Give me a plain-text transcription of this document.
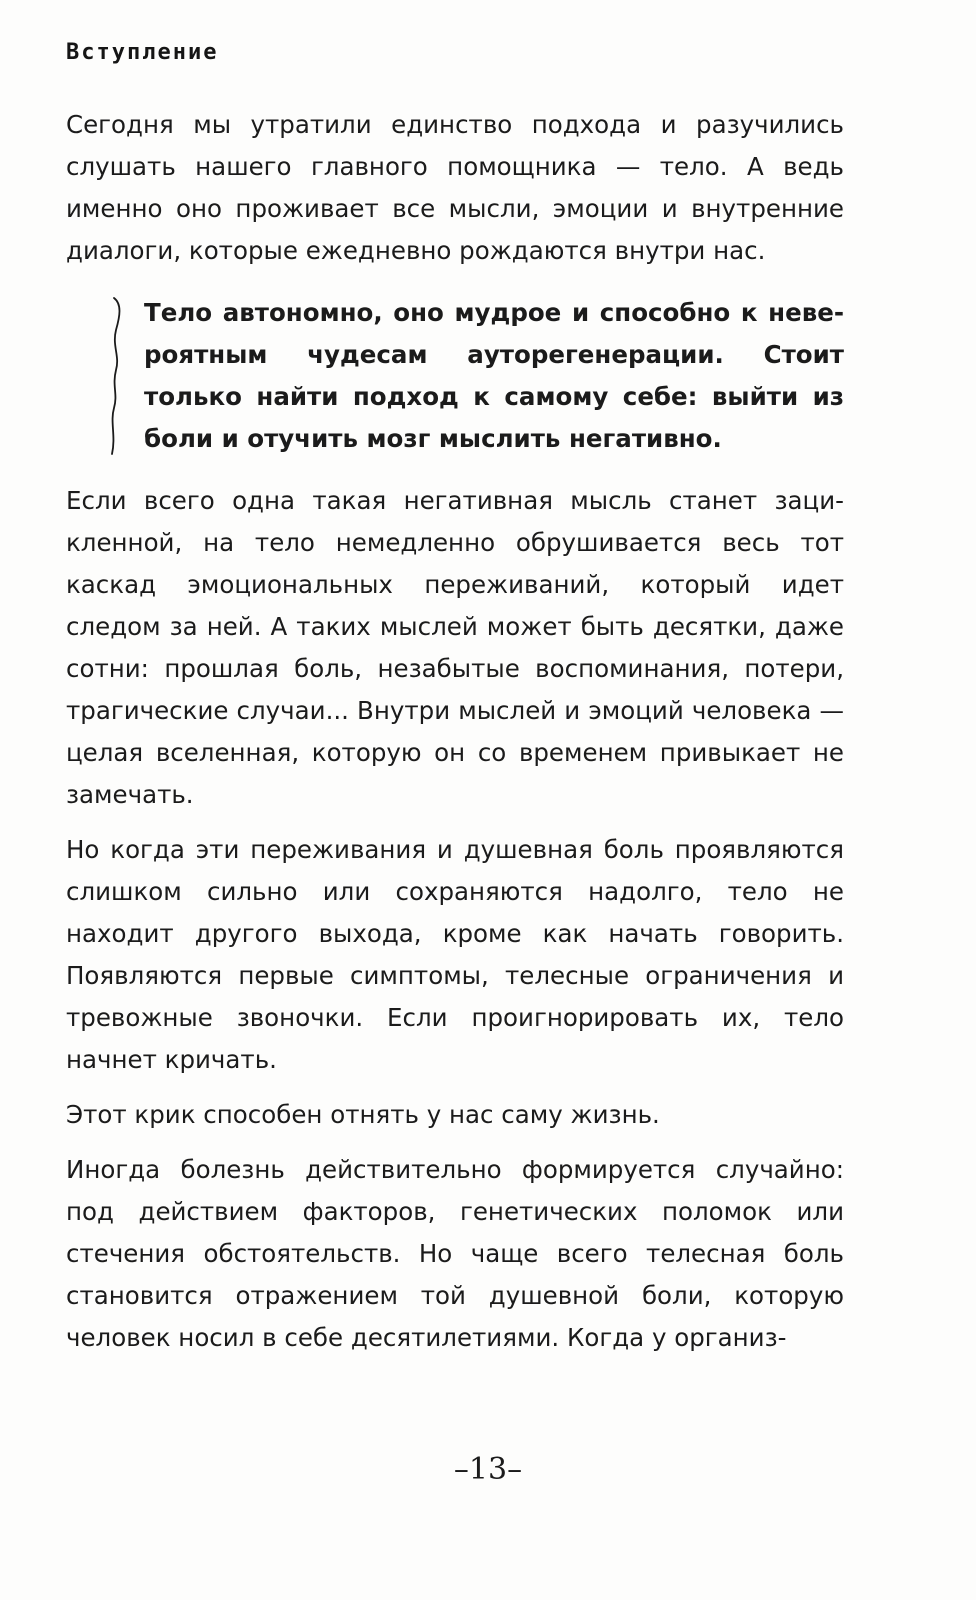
Вступление

Сегодня мы утратили единство подхода и разучились слушать нашего главного помощника — тело. А ведь именно оно проживает все мысли, эмоции и внутренние диалоги, которые ежедневно рождаются внутри нас.

Тело автономно, оно мудрое и способно к невероятным чудесам ауторегенерации. Стоит только найти подход к самому себе: выйти из боли и отучить мозг мыслить негативно.

Если всего одна такая негативная мысль станет зацикленной, на тело немедленно обрушивается весь тот каскад эмоциональных переживаний, который идет следом за ней. А таких мыслей может быть десятки, даже сотни: прошлая боль, незабытые воспоминания, потери, трагические случаи... Внутри мыслей и эмоций человека — целая вселенная, которую он со временем привыкает не замечать.

Но когда эти переживания и душевная боль проявляются слишком сильно или сохраняются надолго, тело не находит другого выхода, кроме как начать говорить. Появляются первые симптомы, телесные ограничения и тревожные звоночки. Если проигнорировать их, тело начнет кричать.

Этот крик способен отнять у нас саму жизнь.

Иногда болезнь действительно формируется случайно: под действием факторов, генетических поломок или стечения обстоятельств. Но чаще всего телесная боль становится отражением той душевной боли, которую человек носил в себе десятилетиями. Когда у организ-

–13–
